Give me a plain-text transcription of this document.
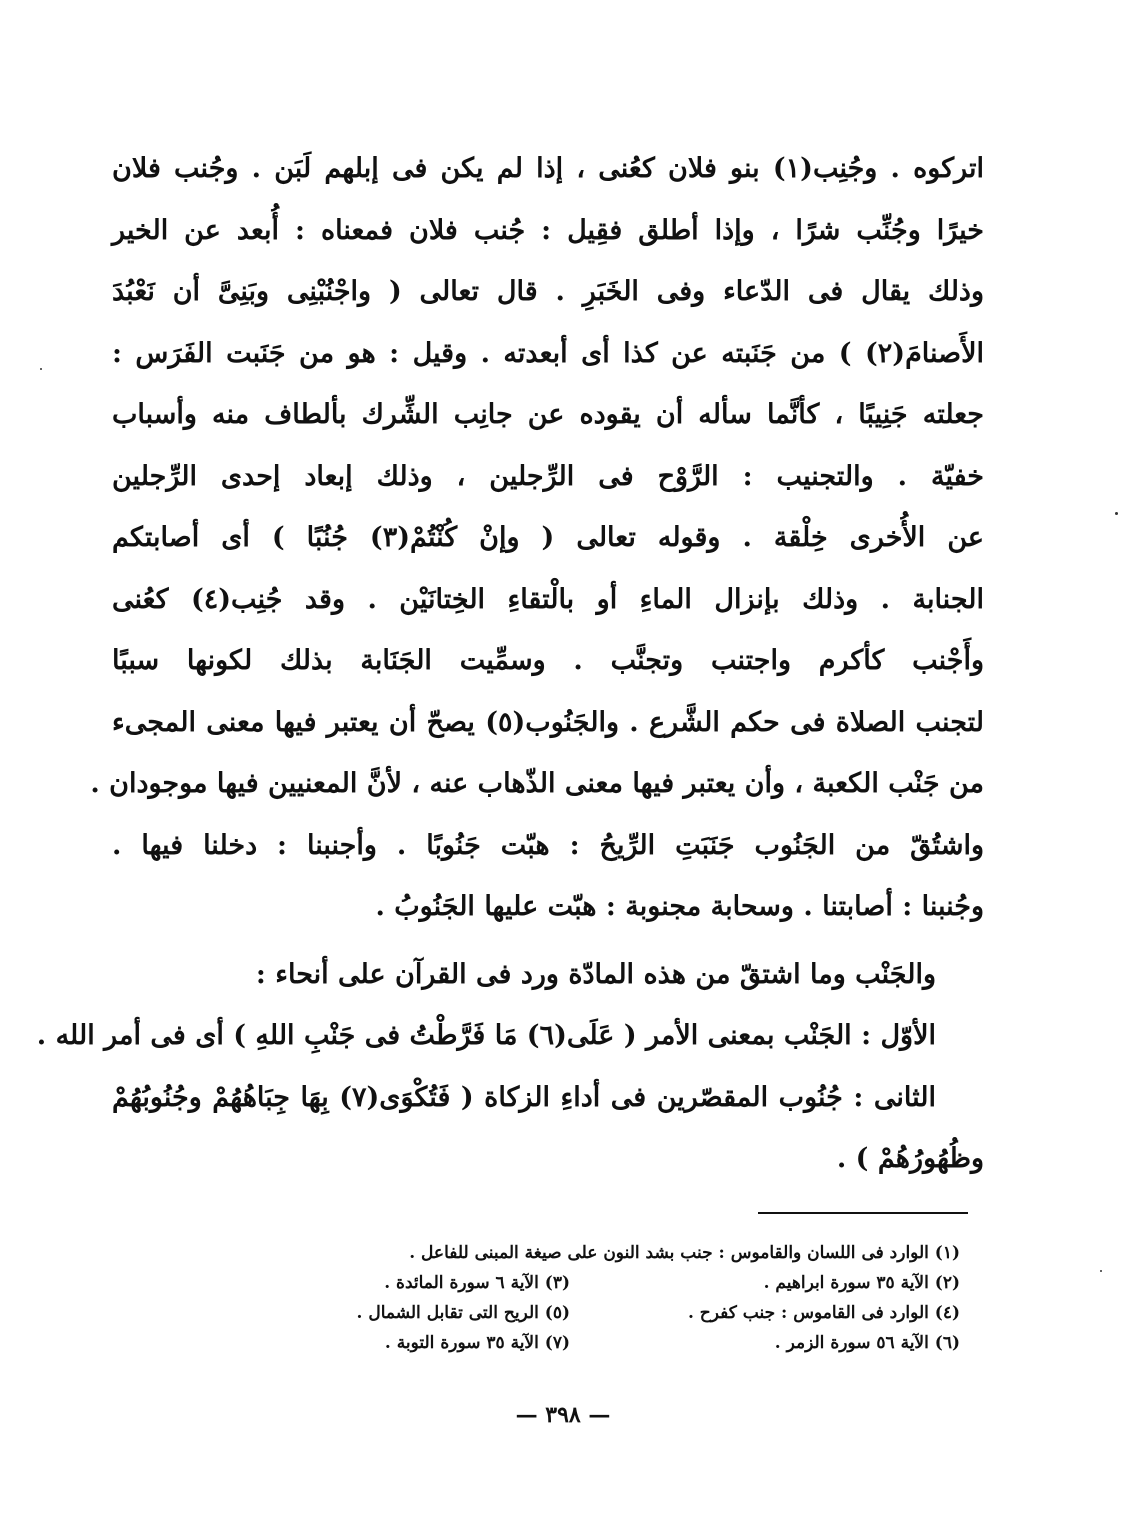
اتركوه . وجُنِب(١) بنو فلان كعُنى ، إذا لم يكن فى إبلهم لَبَن . وجُنب فلان
خيرًا وجُنِّب شرًا ، وإذا أطلق فقِيل : جُنب فلان فمعناه : أُبعد عن الخير
وذلك يقال فى الدّعاء وفى الخَبَرِ . قال تعالى ( واجْنُبْنِى وبَنِىَّ أن نَعْبُدَ
الأَصنامَ(٢) ) من جَنَبته عن كذا أى أبعدته . وقيل : هو من جَنَبت الفَرَس :
جعلته جَنِيبًا ، كأنَّما سأله أن يقوده عن جانِب الشِّرك بألطاف منه وأسباب
خفيّة . والتجنيب : الرَّوْح فى الرِّجلين ، وذلك إبعاد إحدى الرِّجلين
عن الأُخرى خِلْقة . وقوله تعالى ( وإنْ كُنْتُمْ(٣) جُنُبًا ) أى أصابتكم
الجنابة . وذلك بإنزال الماءِ أو بالْتقاءِ الخِتانَيْن . وقد جُنِب(٤) كعُنى
وأَجْنب كأكرم واجتنب وتجنَّب . وسمِّيت الجَنَابة بذلك لكونها سببًا
لتجنب الصلاة فى حكم الشَّرع . والجَنُوب(٥) يصحّ أن يعتبر فيها معنى المجىء
من جَنْب الكعبة ، وأن يعتبر فيها معنى الذّهاب عنه ، لأنَّ المعنيين فيها موجودان .
واشتُقّ من الجَنُوب جَنَبَتِ الرِّيحُ : هبّت جَنُوبًا . وأجنبنا : دخلنا فيها .
وجُنبنا : أصابتنا . وسحابة مجنوبة : هبّت عليها الجَنُوبُ .
والجَنْب وما اشتقّ من هذه المادّة ورد فى القرآن على أنحاء :
الأوّل : الجَنْب بمعنى الأمر ( عَلَى(٦) مَا فَرَّطْتُ فى جَنْبِ اللهِ ) أى فى أمر الله .
الثانى : جُنُوب المقصّرين فى أداءِ الزكاة ( فَتُكْوَى(٧) بِهَا جِبَاهُهُمْ وجُنُوبُهُمْ
وظُهُورُهُمْ ) .
(١) الوارد فى اللسان والقاموس : جنب بشد النون على صيغة المبنى للفاعل .
(٢) الآية ٣٥ سورة ابراهيم .
(٣) الآية ٦ سورة المائدة .
(٤) الوارد فى القاموس : جنب كفرح .
(٥) الريح التى تقابل الشمال .
(٦) الآية ٥٦ سورة الزمر .
(٧) الآية ٣٥ سورة التوبة .
— ٣٩٨ —
